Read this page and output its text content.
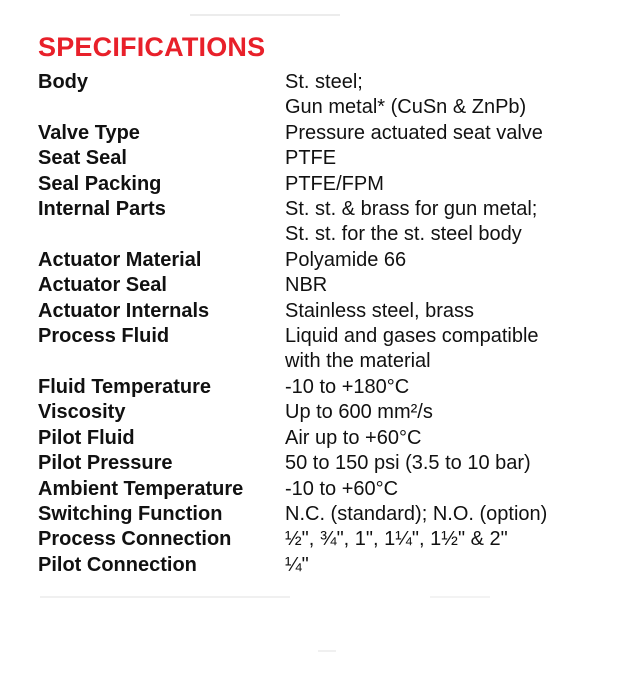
SPECIFICATIONS
Body	St. steel;
Gun metal* (CuSn & ZnPb)
Valve Type	Pressure actuated seat valve
Seat Seal	PTFE
Seal Packing	PTFE/FPM
Internal Parts	St. st. & brass for gun metal;
St. st. for the st. steel body
Actuator Material	Polyamide 66
Actuator Seal	NBR
Actuator Internals	Stainless steel, brass
Process Fluid	Liquid and gases compatible
with the material
Fluid Temperature	-10 to +180°C
Viscosity	Up to 600 mm²/s
Pilot Fluid	Air up to +60°C
Pilot Pressure	50 to 150 psi (3.5 to 10 bar)
Ambient Temperature	-10 to +60°C
Switching Function	N.C. (standard); N.O. (option)
Process Connection	½", ¾", 1", 1¼", 1½" & 2"
Pilot Connection	¼"
